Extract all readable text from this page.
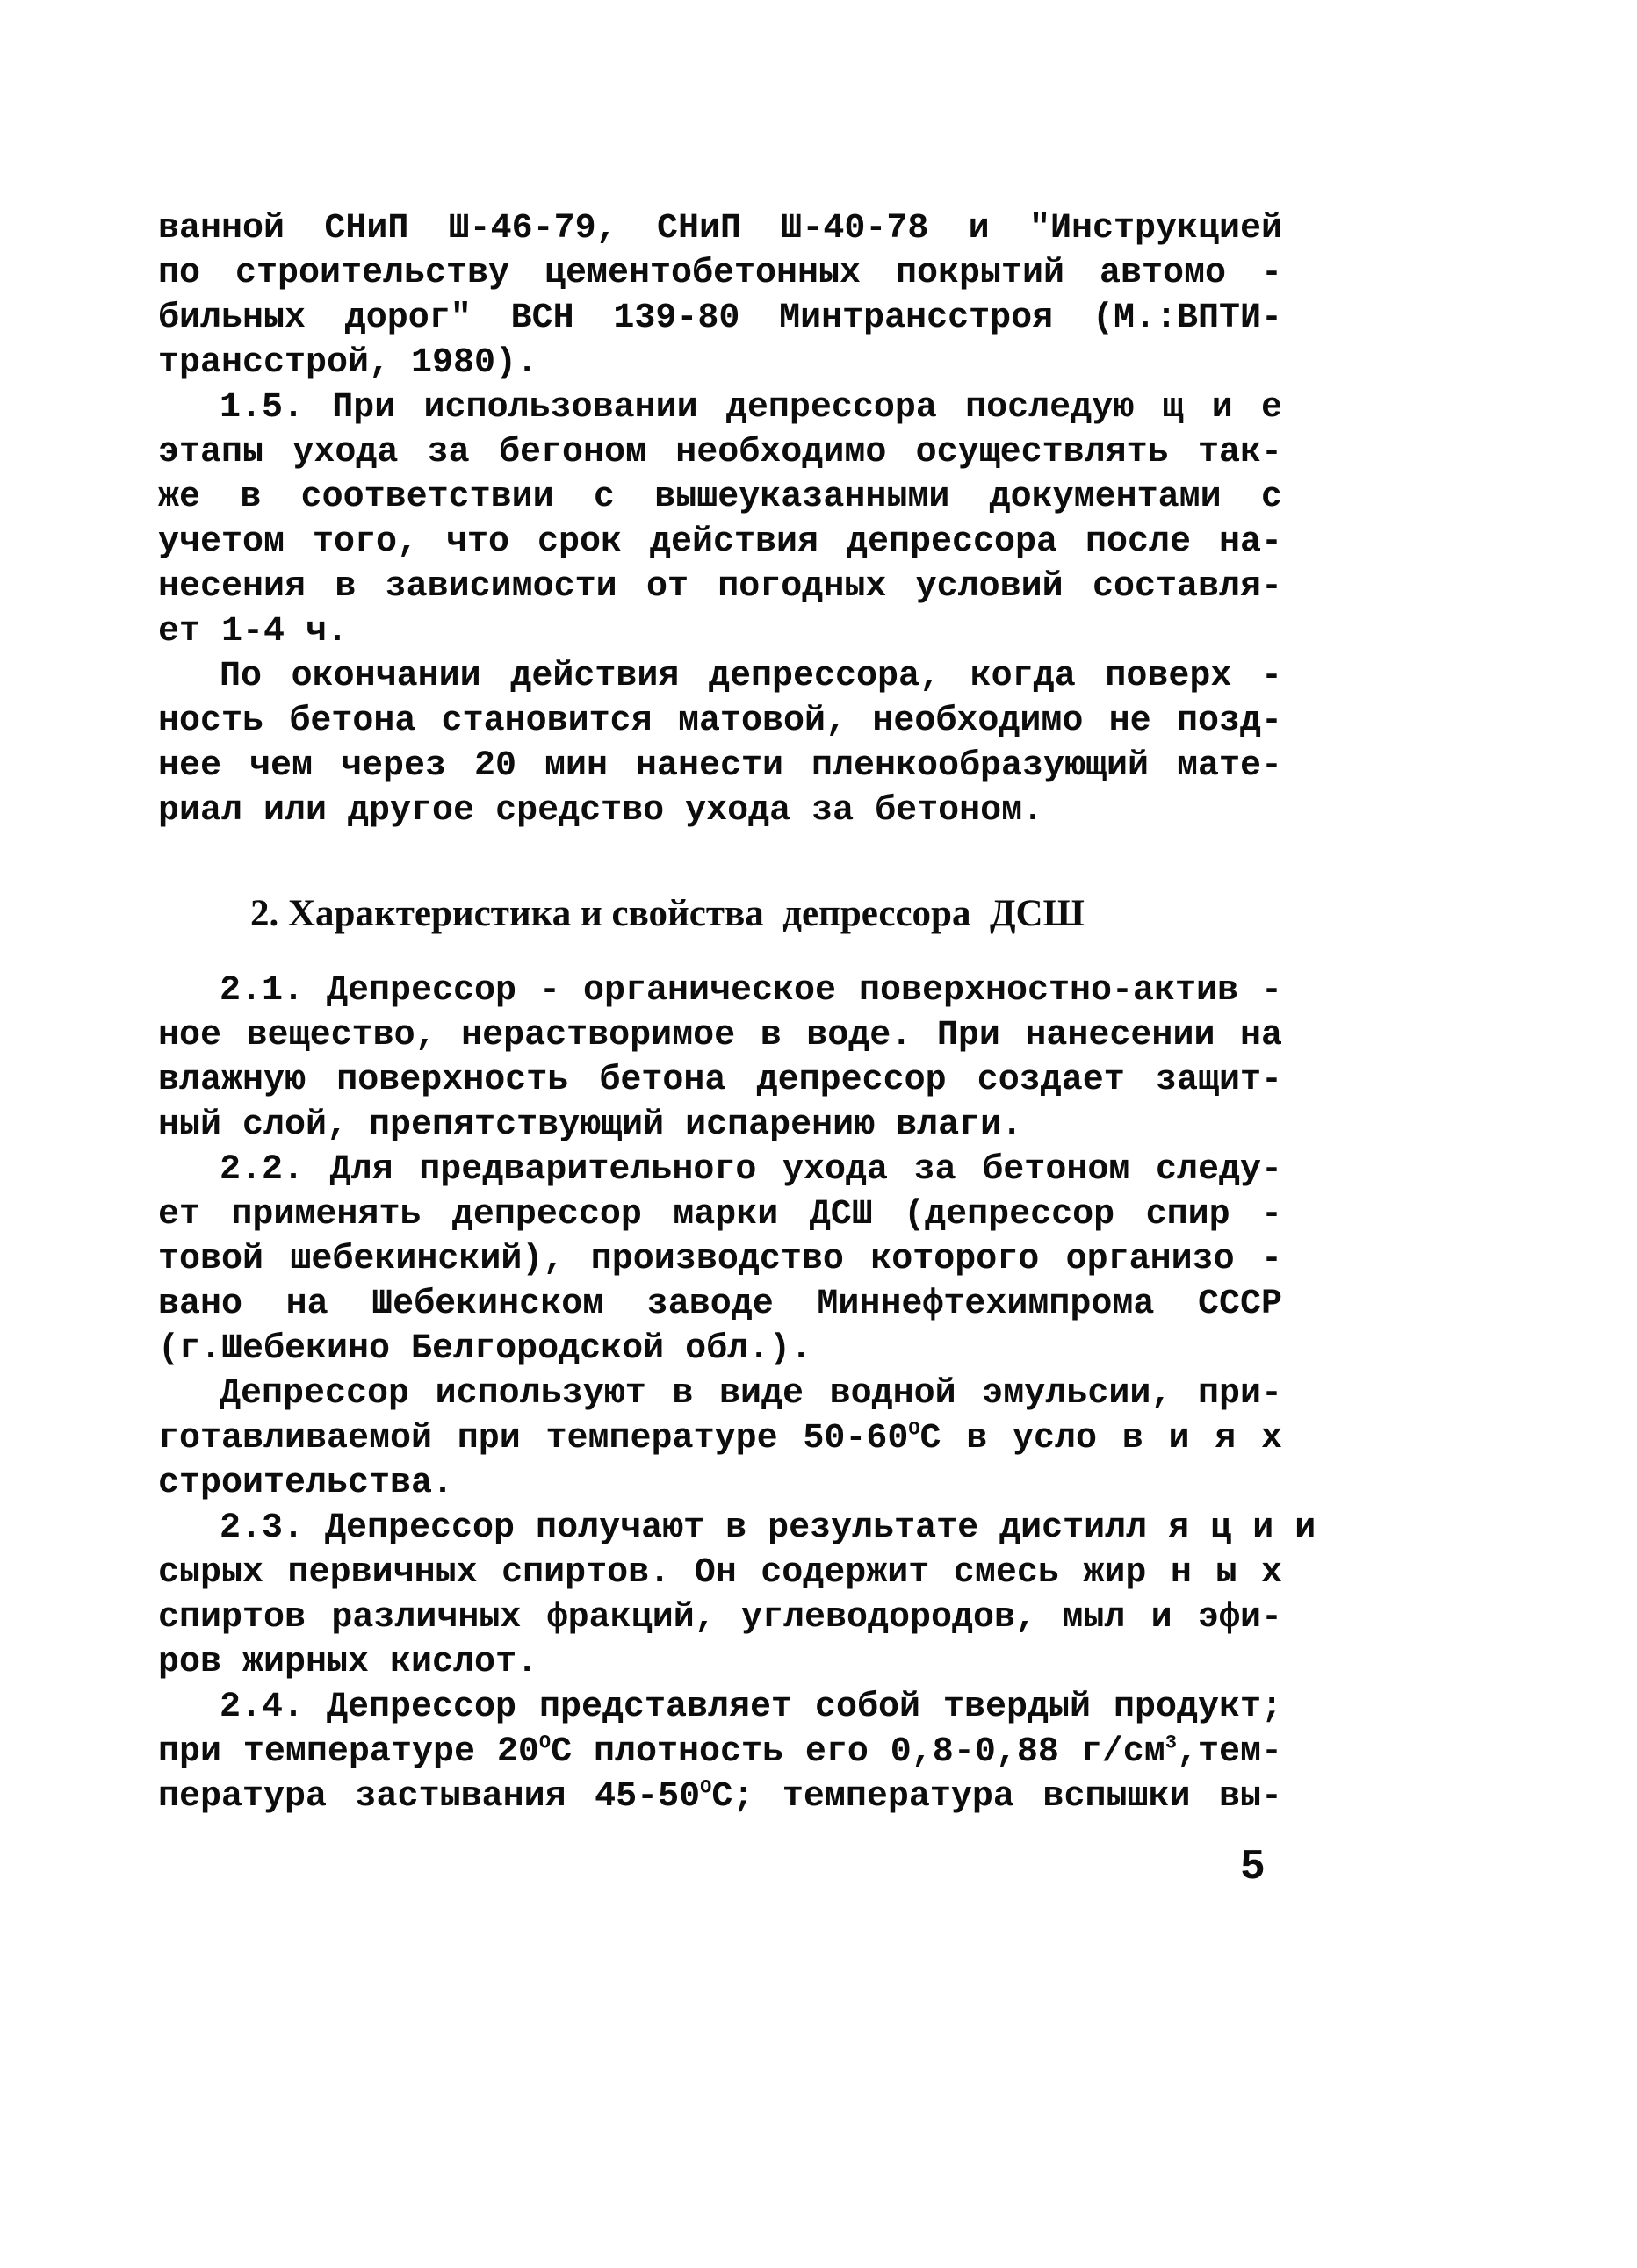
ванной СНиП Ш-46-79, СНиП Ш-40-78 и "Инструкцией
по строительству цементобетонных покрытий автомо -
бильных дорог" ВСН 139-80 Минтрансстроя (М.:ВПТИ-
трансстрой, 1980).
1.5. При использовании депрессора последую щ и е
этапы ухода за бегоном необходимо осуществлять так-
же в соответствии с вышеуказанными документами с
учетом того, что срок действия депрессора после на-
несения в зависимости от погодных условий составля-
ет 1-4 ч.
По окончании действия депрессора, когда поверх -
ность бетона становится матовой, необходимо не позд-
нее чем через 20 мин нанести пленкообразующий мате-
риал или другое средство ухода за бетоном.
2. Характеристика и свойства  депрессора  ДСШ
2.1. Депрессор - органическое поверхностно-актив -
ное вещество, нерастворимое в воде. При нанесении на
влажную поверхность бетона депрессор создает защит-
ный слой, препятствующий испарению влаги.
2.2. Для предварительного ухода за бетоном следу-
ет применять депрессор марки ДСШ (депрессор спир -
товой шебекинский), производство которого организо -
вано на Шебекинском заводе Миннефтехимпрома СССР
(г.Шебекино Белгородской обл.).
Депрессор используют в виде водной эмульсии, при-
готавливаемой при температуре $50-60^ОС$ в усло в и я х
строительства.
2.3. Депрессор получают в результате дистилл я ц и и
сырых первичных спиртов. Он содержит смесь жир н ы х
спиртов различных фракций, углеводородов, мыл и эфи-
ров жирных кислот.
2.4. Депрессор представляет собой твердый продукт;
при температуре $20^ОС$ плотность его 0,8-0,88 $г/см^3,тем-$
пература застывания $45-50^ОС$; температура вспышки вы-
5
